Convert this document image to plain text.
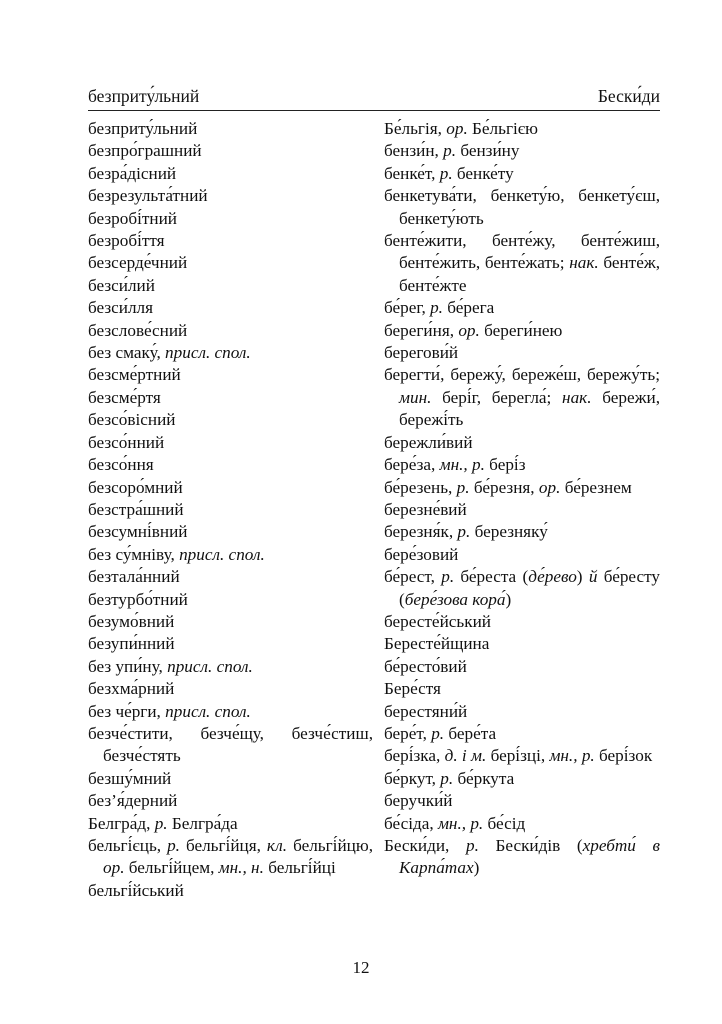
безприту́льний	Бески́ди
безприту́льний
безпро́грашний
безра́дісний
безрезульта́тний
безробі́тний
безробі́ття
безсерде́чний
безси́лий
безси́лля
безслове́сний
без смаку́, присл. спол.
безсме́ртний
безсме́ртя
безсо́вісний
безсо́нний
безсо́ння
безсоро́мний
безстра́шний
безсумні́вний
без су́мніву, присл. спол.
безтала́нний
безтурбо́тний
безумо́вний
безупи́нний
без упи́ну, присл. спол.
безхма́рний
без че́рги, присл. спол.
безче́стити, безче́щу, безче́стиш, безче́стять
безшу́мний
без’я́дерний
Белгра́д, р. Белгра́да
бельгі́єць, р. бельгі́йця, кл. бельгі́йцю, ор. бельгі́йцем, мн., н. бельгі́йці
бельгі́йський
Бе́льгія, ор. Бе́льгією
бензи́н, р. бензи́ну
бенке́т, р. бенке́ту
бенкетува́ти, бенкету́ю, бенкету́єш, бенкету́ють
бенте́жити, бенте́жу, бенте́жиш, бенте́жить, бенте́жать; нак. бенте́ж, бенте́жте
бе́рег, р. бе́рега
береги́ня, ор. береги́нею
берегови́й
берегти́, бережу́, береже́ш, бережу́ть; мин. бері́г, берегла́; нак. бережи́, бережі́ть
бережли́вий
бере́за, мн., р. бері́з
бе́резень, р. бе́резня, ор. бе́резнем
березне́вий
березня́к, р. березняку́
бере́зовий
бе́рест, р. бе́реста (де́рево) й бе́ресту (бере́зова кора́)
бересте́йський
Бересте́йщина
бе́ресто́вий
Бере́стя
берестяни́й
бере́т, р. бере́та
бері́зка, д. і м. бері́зці, мн., р. бері́зок
бе́ркут, р. бе́ркута
беручки́й
бе́сіда, мн., р. бе́сід
Бески́ди, р. Бески́дів (хребти́ в Карпа́тах)
12
